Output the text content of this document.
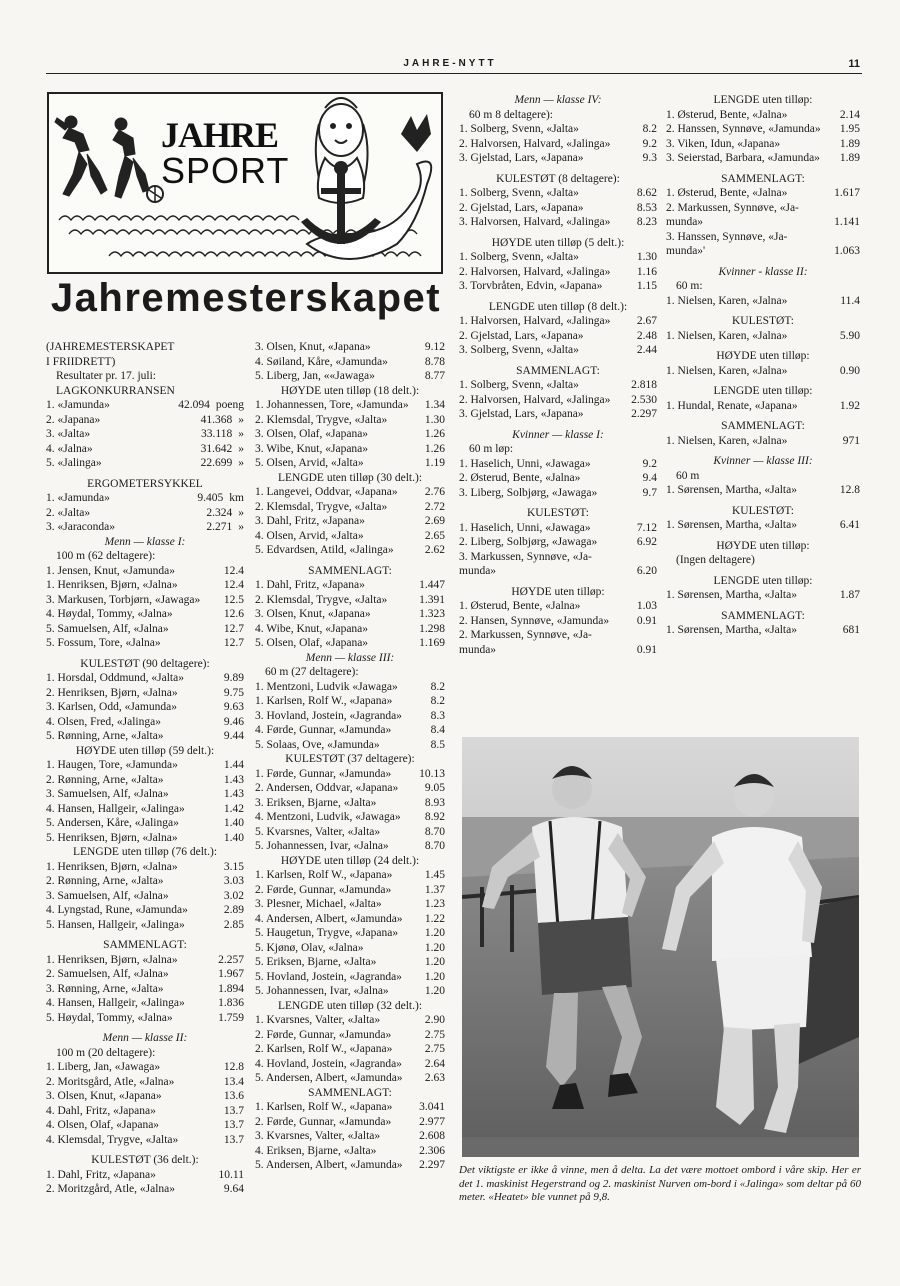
JAHRE-NYTT	11
JAHRE
SPORT
Jahremesterskapet
(JAHREMESTERSKAPET
I FRIIDRETT)
Resultater pr. 17. juli:
LAGKONKURRANSEN
1. «Jamunda»	42.094 poeng
2. «Japana»	41.368 »
3. «Jalta»	33.118 »
4. «Jalna»	31.642 »
5. «Jalinga»	22.699 »
ERGOMETERSYKKEL
1. «Jamunda»	9.405 km
2. «Jalta»	2.324 »
3. «Jaraconda»	2.271 »
Menn — klasse I:
100 m (62 deltagere):
1. Jensen, Knut, «Jamunda»	12.4
1. Henriksen, Bjørn, «Jalna»	12.4
3. Markusen, Torbjørn, «Jawaga»	12.5
4. Høydal, Tommy, «Jalna»	12.6
5. Samuelsen, Alf, «Jalna»	12.7
5. Fossum, Tore, «Jalna»	12.7
KULESTØT (90 deltagere):
1. Horsdal, Oddmund, «Jalta»	9.89
2. Henriksen, Bjørn, «Jalna»	9.75
3. Karlsen, Odd, «Jamunda»	9.63
4. Olsen, Fred, «Jalinga»	9.46
5. Rønning, Arne, «Jalta»	9.44
HØYDE uten tilløp (59 delt.):
1. Haugen, Tore, «Jamunda»	1.44
2. Rønning, Arne, «Jalta»	1.43
3. Samuelsen, Alf, «Jalna»	1.43
4. Hansen, Hallgeir, «Jalinga»	1.42
5. Andersen, Kåre, «Jalinga»	1.40
5. Henriksen, Bjørn, «Jalna»	1.40
LENGDE uten tilløp (76 delt.):
1. Henriksen, Bjørn, «Jalna»	3.15
2. Rønning, Arne, «Jalta»	3.03
3. Samuelsen, Alf, «Jalna»	3.02
4. Lyngstad, Rune, «Jamunda»	2.89
5. Hansen, Hallgeir, «Jalinga»	2.85
SAMMENLAGT:
1. Henriksen, Bjørn, «Jalna»	2.257
2. Samuelsen, Alf, «Jalna»	1.967
3. Rønning, Arne, «Jalta»	1.894
4. Hansen, Hallgeir, «Jalinga»	1.836
5. Høydal, Tommy, «Jalna»	1.759
Menn — klasse II:
100 m (20 deltagere):
1. Liberg, Jan, «Jawaga»	12.8
2. Moritsgård, Atle, «Jalna»	13.4
3. Olsen, Knut, «Japana»	13.6
4. Dahl, Fritz, «Japana»	13.7
4. Olsen, Olaf, «Japana»	13.7
4. Klemsdal, Trygve, «Jalta»	13.7
KULESTØT (36 delt.):
1. Dahl, Fritz, «Japana»	10.11
2. Moritzgård, Atle, «Jalna»	9.64
3. Olsen, Knut, «Japana»	9.12
4. Søiland, Kåre, «Jamunda»	8.78
5. Liberg, Jan, ««Jawaga»	8.77
HØYDE uten tilløp (18 delt.):
1. Johannessen, Tore, «Jamunda»	1.34
2. Klemsdal, Trygve, «Jalta»	1.30
3. Olsen, Olaf, «Japana»	1.26
3. Wibe, Knut, «Japana»	1.26
5. Olsen, Arvid, «Jalta»	1.19
LENGDE uten tilløp (30 delt.):
1. Langevei, Oddvar, «Japana»	2.76
2. Klemsdal, Trygve, «Jalta»	2.72
3. Dahl, Fritz, «Japana»	2.69
4. Olsen, Arvid, «Jalta»	2.65
5. Edvardsen, Atild, «Jalinga»	2.62
SAMMENLAGT:
1. Dahl, Fritz, «Japana»	1.447
2. Klemsdal, Trygve, «Jalta»	1.391
3. Olsen, Knut, «Japana»	1.323
4. Wibe, Knut, «Japana»	1.298
5. Olsen, Olaf, «Japana»	1.169
Menn — klasse III:
60 m (27 deltagere):
1. Mentzoni, Ludvik «Jawaga»	8.2
1. Karlsen, Rolf W., «Japana»	8.2
3. Hovland, Jostein, «Jagranda»	8.3
4. Førde, Gunnar, «Jamunda»	8.4
5. Solaas, Ove, «Jamunda»	8.5
KULESTØT (37 deltagere):
1. Førde, Gunnar, «Jamunda»	10.13
2. Andersen, Oddvar, «Japana»	9.05
3. Eriksen, Bjarne, «Jalta»	8.93
4. Mentzoni, Ludvik, «Jawaga»	8.92
5. Kvarsnes, Valter, «Jalta»	8.70
5. Johannessen, Ivar, «Jalna»	8.70
HØYDE uten tilløp (24 delt.):
1. Karlsen, Rolf W., «Japana»	1.45
2. Førde, Gunnar, «Jamunda»	1.37
3. Plesner, Michael, «Jalta»	1.23
4. Andersen, Albert, «Jamunda»	1.22
5. Haugetun, Trygve, «Japana»	1.20
5. Kjønø, Olav, «Jalna»	1.20
5. Eriksen, Bjarne, «Jalta»	1.20
5. Hovland, Jostein, «Jagranda»	1.20
5. Johannessen, Ivar, «Jalna»	1.20
LENGDE uten tilløp (32 delt.):
1. Kvarsnes, Valter, «Jalta»	2.90
2. Førde, Gunnar, «Jamunda»	2.75
2. Karlsen, Rolf W., «Japana»	2.75
4. Hovland, Jostein, «Jagranda»	2.64
5. Andersen, Albert, «Jamunda»	2.63
SAMMENLAGT:
1. Karlsen, Rolf W., «Japana»	3.041
2. Førde, Gunnar, «Jamunda»	2.977
3. Kvarsnes, Valter, «Jalta»	2.608
4. Eriksen, Bjarne, «Jalta»	2.306
5. Andersen, Albert, «Jamunda»	2.297
Menn — klasse IV:
60 m 8 deltagere):
1. Solberg, Svenn, «Jalta»	8.2
2. Halvorsen, Halvard, «Jalinga»	9.2
3. Gjelstad, Lars, «Japana»	9.3
KULESTØT (8 deltagere):
1. Solberg, Svenn, «Jalta»	8.62
2. Gjelstad, Lars, «Japana»	8.53
3. Halvorsen, Halvard, «Jalinga»	8.23
HØYDE uten tilløp (5 delt.):
1. Solberg, Svenn, «Jalta»	1.30
2. Halvorsen, Halvard, «Jalinga»	1.16
3. Torvbråten, Edvin, «Japana»	1.15
LENGDE uten tilløp (8 delt.):
1. Halvorsen, Halvard, «Jalinga»	2.67
2. Gjelstad, Lars, «Japana»	2.48
3. Solberg, Svenn, «Jalta»	2.44
SAMMENLAGT:
1. Solberg, Svenn, «Jalta»	2.818
2. Halvorsen, Halvard, «Jalinga»	2.530
3. Gjelstad, Lars, «Japana»	2.297
Kvinner — klasse I:
60 m løp:
1. Haselich, Unni, «Jawaga»	9.2
2. Østerud, Bente, «Jalna»	9.4
3. Liberg, Solbjørg, «Jawaga»	9.7
KULESTØT:
1. Haselich, Unni, «Jawaga»	7.12
2. Liberg, Solbjørg, «Jawaga»	6.92
3. Markussen, Synnøve, «Ja-
munda»	6.20
HØYDE uten tilløp:
1. Østerud, Bente, «Jalna»	1.03
2. Hansen, Synnøve, «Jamunda»	0.91
2. Markussen, Synnøve, «Ja-
munda»	0.91
LENGDE uten tilløp:
1. Østerud, Bente, «Jalna»	2.14
2. Hanssen, Synnøve, «Jamunda»	1.95
3. Viken, Idun, «Japana»	1.89
3. Seierstad, Barbara, «Jamunda»	1.89
SAMMENLAGT:
1. Østerud, Bente, «Jalna»	1.617
2. Markussen, Synnøve, «Ja-
munda»	1.141
3. Hanssen, Synnøve, «Ja-
munda»'	1.063
Kvinner - klasse II:
60 m:
1. Nielsen, Karen, «Jalna»	11.4
KULESTØT:
1. Nielsen, Karen, «Jalna»	5.90
HØYDE uten tilløp:
1. Nielsen, Karen, «Jalna»	0.90
LENGDE uten tilløp:
1. Hundal, Renate, «Japana»	1.92
SAMMENLAGT:
1. Nielsen, Karen, «Jalna»	971
Kvinner — klasse III:
60 m
1. Sørensen, Martha, «Jalta»	12.8
KULESTØT:
1. Sørensen, Martha, «Jalta»	6.41
HØYDE uten tilløp:
(Ingen deltagere)
LENGDE uten tilløp:
1. Sørensen, Martha, «Jalta»	1.87
SAMMENLAGT:
1. Sørensen, Martha, «Jalta»	681
Det viktigste er ikke å vinne, men å delta. La det være mottoet ombord i våre skip. Her er det 1. maskinist Hegerstrand og 2. maskinist Nurven om-bord i «Jalinga» som deltar på 60 meter. «Heatet» ble vunnet på 9,8.
